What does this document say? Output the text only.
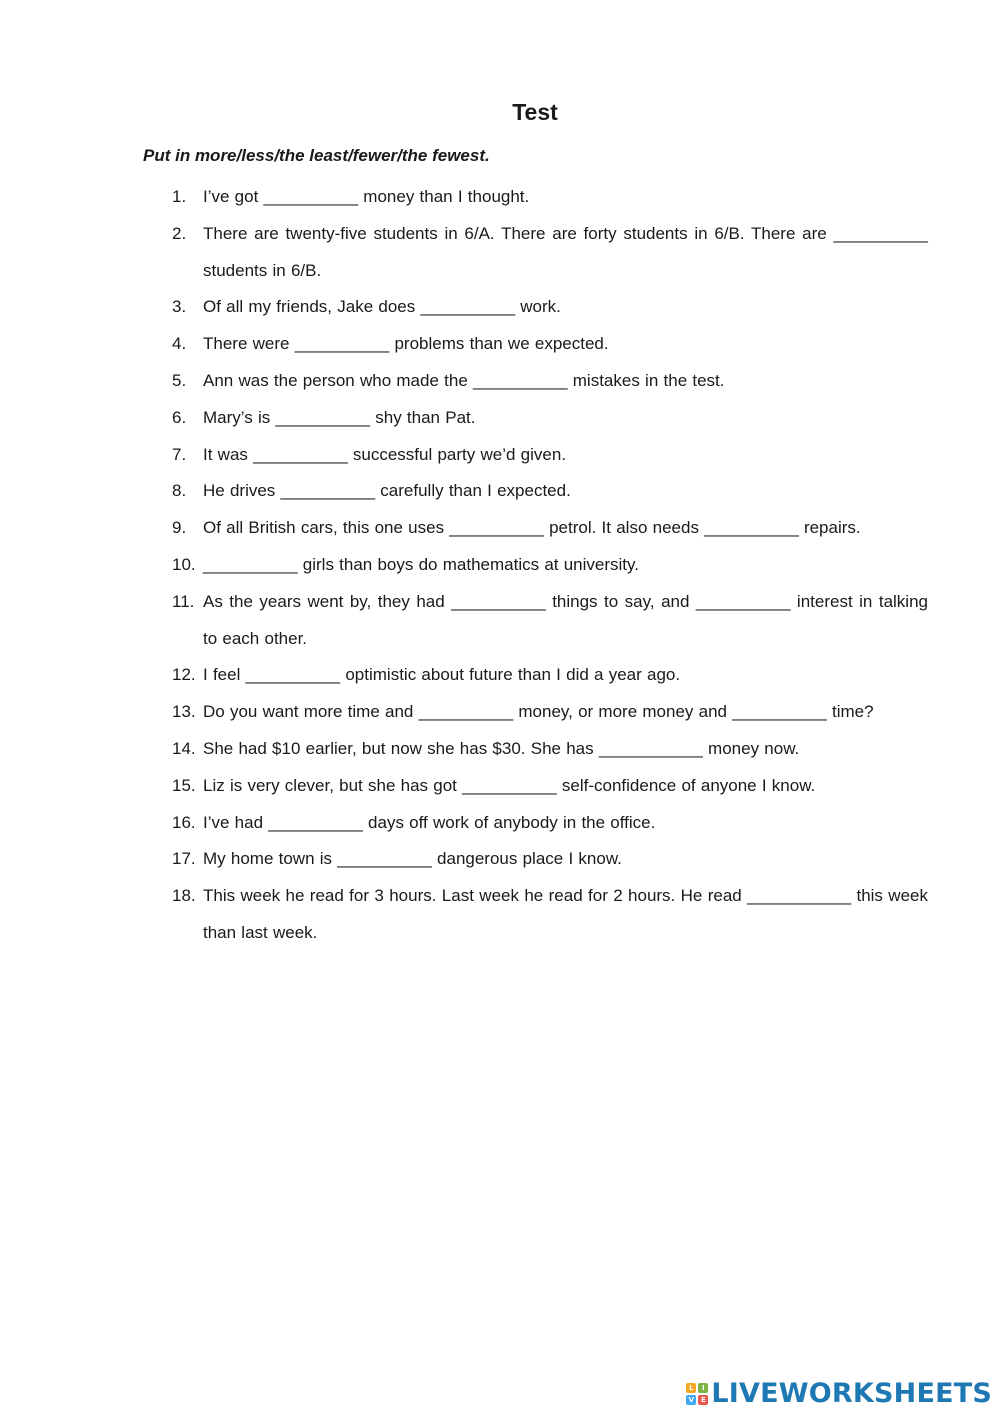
Test

Put in more/less/the least/fewer/the fewest.

1. I’ve got __________ money than I thought.
2. There are twenty-five students in 6/A. There are forty students in 6/B. There are __________ students in 6/B.
3. Of all my friends, Jake does __________ work.
4. There were __________ problems than we expected.
5. Ann was the person who made the __________ mistakes in the test.
6. Mary’s is __________ shy than Pat.
7. It was __________ successful party we’d given.
8. He drives __________ carefully than I expected.
9. Of all British cars, this one uses __________ petrol. It also needs __________ repairs.
10. __________ girls than boys do mathematics at university.
11. As the years went by, they had __________ things to say, and __________ interest in talking to each other.
12. I feel __________ optimistic about future than I did a year ago.
13. Do you want more time and __________ money, or more money and __________ time?
14. She had $10 earlier, but now she has $30. She has ___________ money now.
15. Liz is very clever, but she has got __________ self-confidence of anyone I know.
16. I’ve had __________ days off work of anybody in the office.
17. My home town is __________ dangerous place I know.
18. This week he read for 3 hours. Last week he read for 2 hours. He read ___________ this week than last week.
L	I
V E LIVEWORKSHEETS
